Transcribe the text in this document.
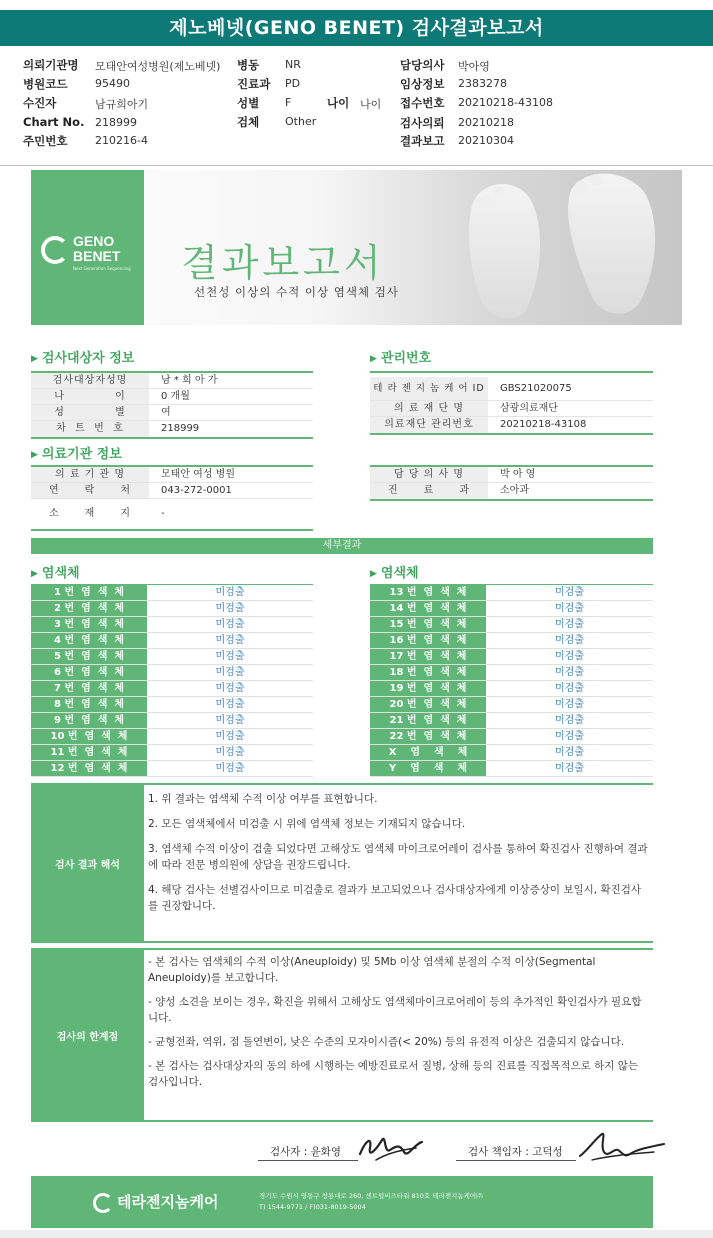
제노베넷(GENO BENET) 검사결과보고서
의뢰기관명 모태안여성병원(제노베넷) 병동 NR	담당의사 박아영
병원코드	95490	진료과 PD	임상정보 2383278
수진자	남규희아기	성별 F	나이 나이 접수번호 20210218-43108
Chart No. 218999	검체 Other	검사의뢰 20210218
주민번호	210216-4	결과보고 20210304
GENO
BENET
Next Generation Sequencing 결과보고서
선천성 이상의 수적 이상 염색체 검사
▶ 검사대상자 정보
검사대상자성명	남 * 희 아 가
나            이	0 개월
성            별	여
차  트  번  호	218999
▶ 관리번호
테 라 젠 지 놈 케 어 ID	GBS21020075
의 료 재 단 명	삼광의료재단
의료재단 관리번호	20210218-43108
▶ 의료기관 정보
의 료 기 관 명	모태안 여성 병원
연      락      처	043-272-0001
소      재      지	-
담 당 의 사 명	박 아 영
진      료      과	소아과
세부결과
▶ 염색체	▶ 염색체
1 번  염  색  체	미검출
2 번  염  색  체	미검출
3 번  염  색  체	미검출
4 번  염  색  체	미검출
5 번  염  색  체	미검출
6 번  염  색  체	미검출
7 번  염  색  체	미검출
8 번  염  색  체	미검출
9 번  염  색  체	미검출
10 번  염  색  체	미검출
11 번  염  색  체	미검출
12 번  염  색  체	미검출
13 번  염  색  체	미검출
14 번  염  색  체	미검출
15 번  염  색  체	미검출
16 번  염  색  체	미검출
17 번  염  색  체	미검출
18 번  염  색  체	미검출
19 번  염  색  체	미검출
20 번  염  색  체	미검출
21 번  염  색  체	미검출
22 번  염  색  체	미검출
X    염    색    체	미검출
Y    염    색    체	미검출
검사 결과 해석

1. 위 결과는 염색체 수적 이상 여부를 표현합니다.

2. 모든 염색체에서 미검출 시 위에 염색체 정보는 기재되지 않습니다.

3. 염색체 수적 이상이 검출 되었다면 고해상도 염색체 마이크로어레이 검사를 통하여 확진검사 진행하여 결과에 따라 전문 병의원에 상담을 권장드립니다.

4. 해당 검사는 선별검사이므로 미검출로 결과가 보고되었으나 검사대상자에게 이상증상이 보일시, 확진검사를 권장합니다.

검사의 한계점

- 본 검사는 염색체의 수적 이상(Aneuploidy) 및 5Mb 이상 염색체 분절의 수적 이상(Segmental Aneuploidy)를 보고합니다.

- 양성 소견을 보이는 경우, 확진을 위해서 고해상도 염색체마이크로어레이 등의 추가적인 확인검사가 필요합니다.

- 균형전좌, 역위, 점 돌연변이, 낮은 수준의 모자이시즘(< 20%) 등의 유전적 이상은 검출되지 않습니다.

- 본 검사는 검사대상자의 동의 하에 시행하는 예방진료로서 질병, 상해 등의 진료를 직접목적으로 하지 않는 검사입니다.

검사자 : 윤화영	검사 책임자 : 고덕성
테라젠지놈케어	경기도 수원시 영통구 창룡대로 260, 센트럴비즈타워 810호 테라젠지놈케어㈜
T) 1544-9771 / F)031-8019-5004
